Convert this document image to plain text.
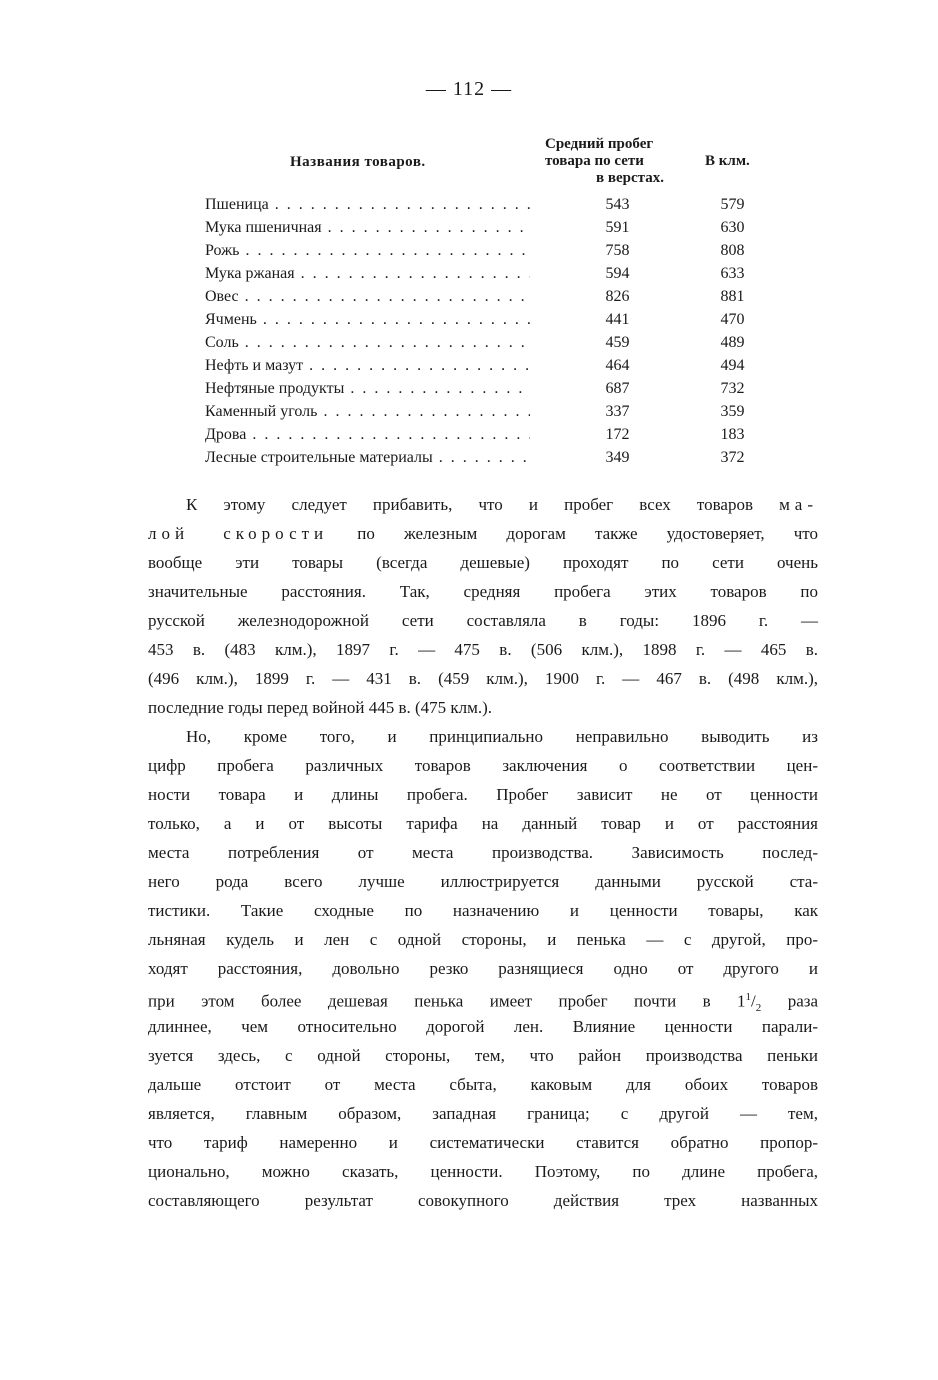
— 112 —
Названия товаров.
Средний пробег
товара по сети
в верстах.
В клм.
Пшеница . . .	543	579
Мука пшеничная . . .	591	630
Рожь . . .	758	808
Мука ржаная . . .	594	633
Овес . . .	826	881
Ячмень . . .	441	470
Соль . . .	459	489
Нефть и мазут . . .	464	494
Нефтяные продукты . . .	687	732
Каменный уголь . . .	337	359
Дрова . . .	172	183
Лесные строительные материалы . . .	349	372
К этому следует прибавить, что и пробег всех товаров ма-
лой скорости по железным дорогам также удостоверяет, что
вообще эти товары (всегда дешевые) проходят по сети очень
значительные расстояния. Так, средняя пробега этих товаров по
русской железнодорожной сети составляла в годы: 1896 г. —
453 в. (483 клм.), 1897 г. — 475 в. (506 клм.), 1898 г. — 465 в.
(496 клм.), 1899 г. — 431 в. (459 клм.), 1900 г. — 467 в. (498 клм.),
последние годы перед войной 445 в. (475 клм.).
Но, кроме того, и принципиально неправильно выводить из
цифр пробега различных товаров заключения о соответствии цен-
ности товара и длины пробега. Пробег зависит не от ценности
только, а и от высоты тарифа на данный товар и от расстояния
места потребления от места производства. Зависимость послед-
него рода всего лучше иллюстрируется данными русской ста-
тистики. Такие сходные по назначению и ценности товары, как
льняная кудель и лен с одной стороны, и пенька — с другой, про-
ходят расстояния, довольно резко разнящиеся одно от другого и
при этом более дешевая пенька имеет пробег почти в $1^1/_2$ раза
длиннее, чем относительно дорогой лен. Влияние ценности парали-
зуется здесь, с одной стороны, тем, что район производства пеньки
дальше отстоит от места сбыта, каковым для обоих товаров
является, главным образом, западная граница; с другой — тем,
что тариф намеренно и систематически ставится обратно пропор-
ционально, можно сказать, ценности. Поэтому, по длине пробега,
составляющего результат совокупного действия трех названных
